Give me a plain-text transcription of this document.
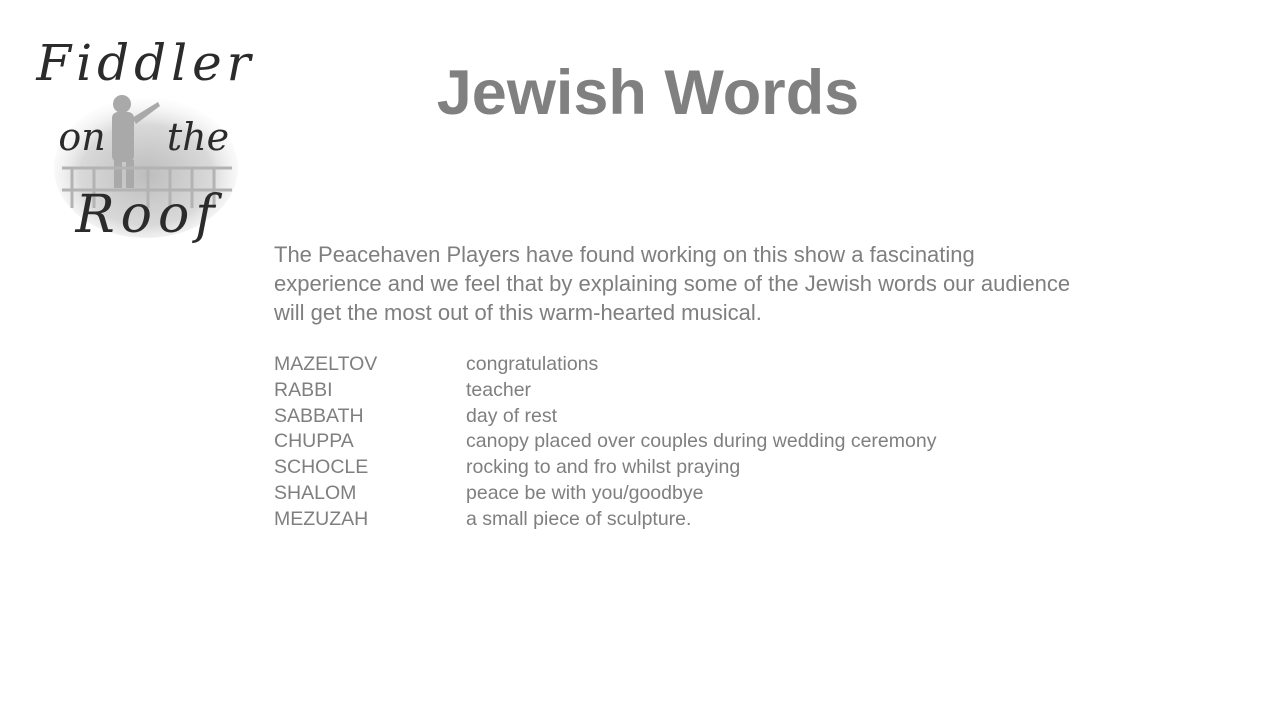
Fiddler
on the
Roof
Jewish Words
The Peacehaven Players have found working on this show a fascinating experience and we feel that by explaining some of the Jewish words our audience will get the most out of this warm-hearted musical.
MAZELTOV	congratulations
RABBI	teacher
SABBATH	day of rest
CHUPPA	canopy placed over couples during wedding ceremony
SCHOCLE	rocking to and fro whilst praying
SHALOM	peace be with you/goodbye
MEZUZAH	a small piece of sculpture.
